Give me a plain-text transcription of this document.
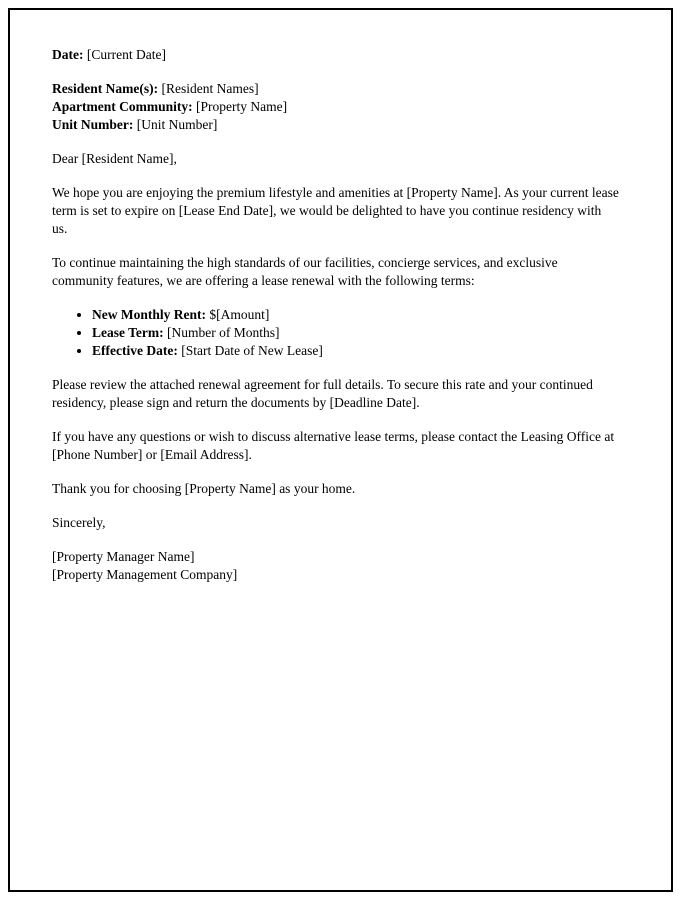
Date: [Current Date]

Resident Name(s): [Resident Names]

Apartment Community: [Property Name]

Unit Number: [Unit Number]

Dear [Resident Name],

We hope you are enjoying the premium lifestyle and amenities at [Property Name]. As your current lease term is set to expire on [Lease End Date], we would be delighted to have you continue residency with us.

To continue maintaining the high standards of our facilities, concierge services, and exclusive community features, we are offering a lease renewal with the following terms:

• New Monthly Rent: $[Amount]
• Lease Term: [Number of Months]
• Effective Date: [Start Date of New Lease]

Please review the attached renewal agreement for full details. To secure this rate and your continued residency, please sign and return the documents by [Deadline Date].

If you have any questions or wish to discuss alternative lease terms, please contact the Leasing Office at [Phone Number] or [Email Address].

Thank you for choosing [Property Name] as your home.

Sincerely,

[Property Manager Name]

[Property Management Company]
